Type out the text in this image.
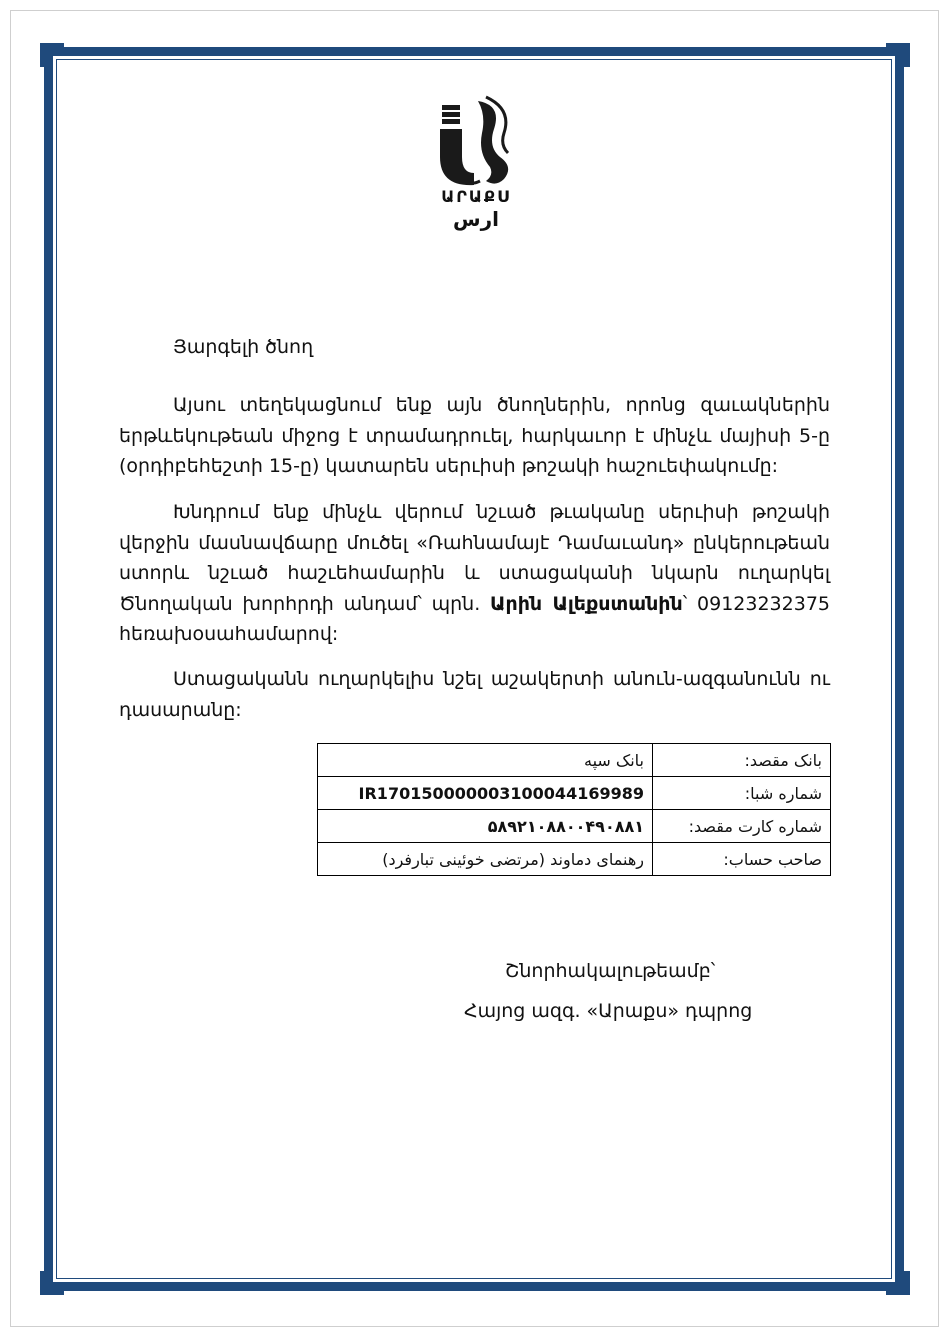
ԱՐԱՔՍ
ارس
Յարգելի ծնող

Այսու տեղեկացնում ենք այն ծնողներին, որոնց զաւակներին երթևեկութեան միջոց է տրամադրուել, հարկաւոր է մինչև մայիսի 5-ը (օրդիբեհեշտի 15-ը) կատարեն սերւիսի թոշակի հաշուեփակումը:

Խնդրում ենք մինչև վերում նշւած թւականը սերւիսի թոշակի վերջին մասնավճարը մուծել «Ռահնամայէ Դամաւանդ» ընկերութեան ստորև նշւած հաշւեհամարին և ստացականի նկարն ուղարկել Ծնողական խորհրդի անդամ՝ պրն. Արին Ալեքստանին՝ 09123232375 հեռախօսահամարով:

Ստացականն ուղարկելիս նշել աշակերտի անուն-ազգանունն ու դասարանը:

بانک مقصد:	بانک سپه
شماره شبا:	IR170150000003100044169989
شماره کارت مقصد:	۵۸۹۲۱۰۸۸۰۰۴۹۰۸۸۱
صاحب حساب:	رهنمای دماوند (مرتضی خوئینی تبارفرد)
Շնորհակալութեամբ՝
Հայոց ազգ. «Արաքս» դպրոց
